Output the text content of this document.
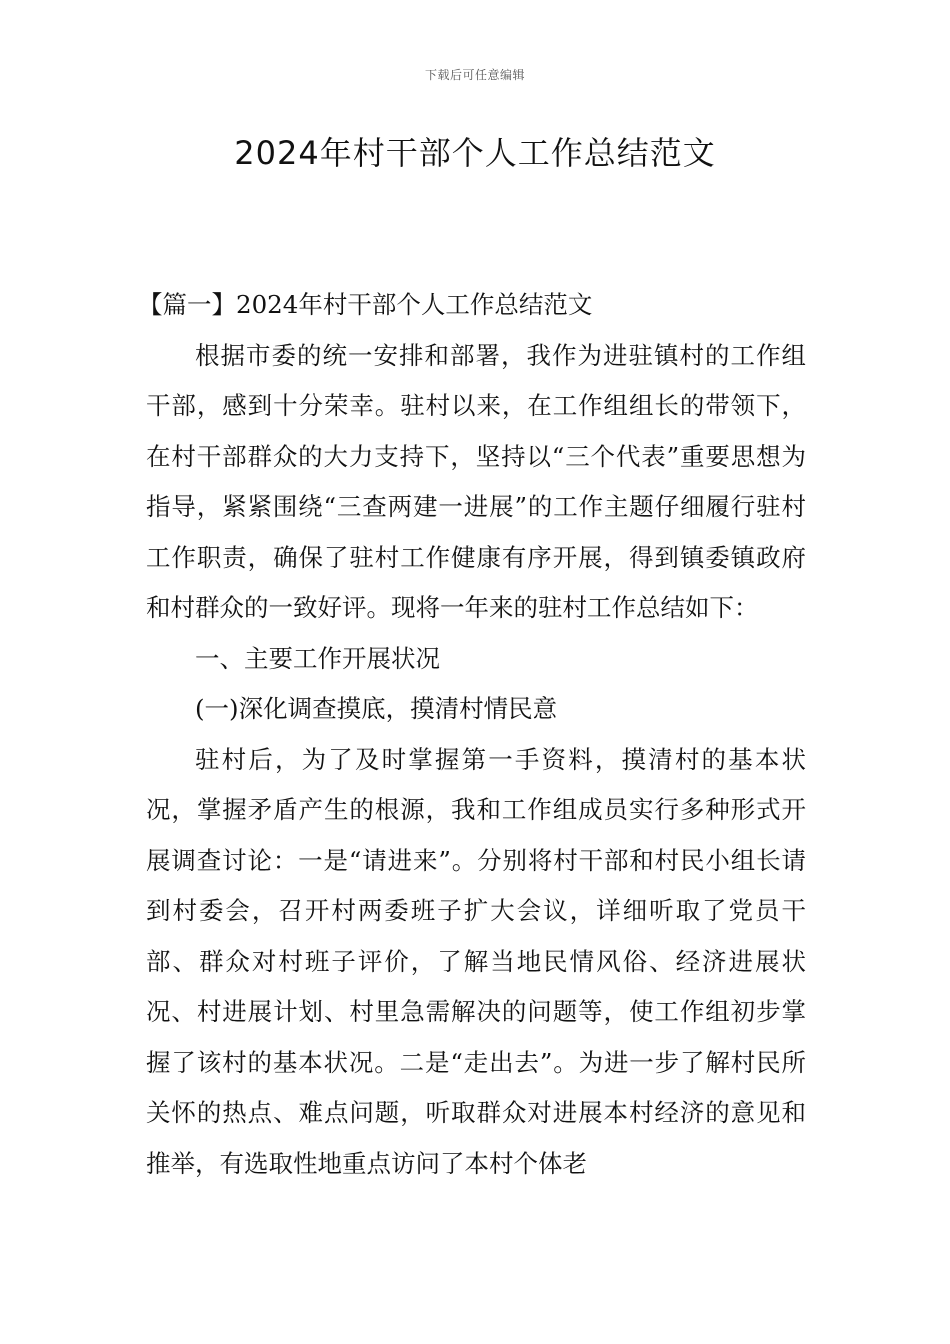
下载后可任意编辑
2024年村干部个人工作总结范文

【篇一】2024年村干部个人工作总结范文

根据市委的统一安排和部署，我作为进驻镇村的工作组干部，感到十分荣幸。驻村以来，在工作组组长的带领下，在村干部群众的大力支持下，坚持以“三个代表”重要思想为指导，紧紧围绕“三查两建一进展”的工作主题仔细履行驻村工作职责，确保了驻村工作健康有序开展，得到镇委镇政府和村群众的一致好评。现将一年来的驻村工作总结如下：

一、主要工作开展状况

(一)深化调查摸底，摸清村情民意

驻村后，为了及时掌握第一手资料，摸清村的基本状况，掌握矛盾产生的根源，我和工作组成员实行多种形式开展调查讨论：一是“请进来”。分别将村干部和村民小组长请到村委会，召开村两委班子扩大会议，详细听取了党员干部、群众对村班子评价，了解当地民情风俗、经济进展状况、村进展计划、村里急需解决的问题等，使工作组初步掌握了该村的基本状况。二是“走出去”。为进一步了解村民所关怀的热点、难点问题，听取群众对进展本村经济的意见和推举，有选取性地重点访问了本村个体老
